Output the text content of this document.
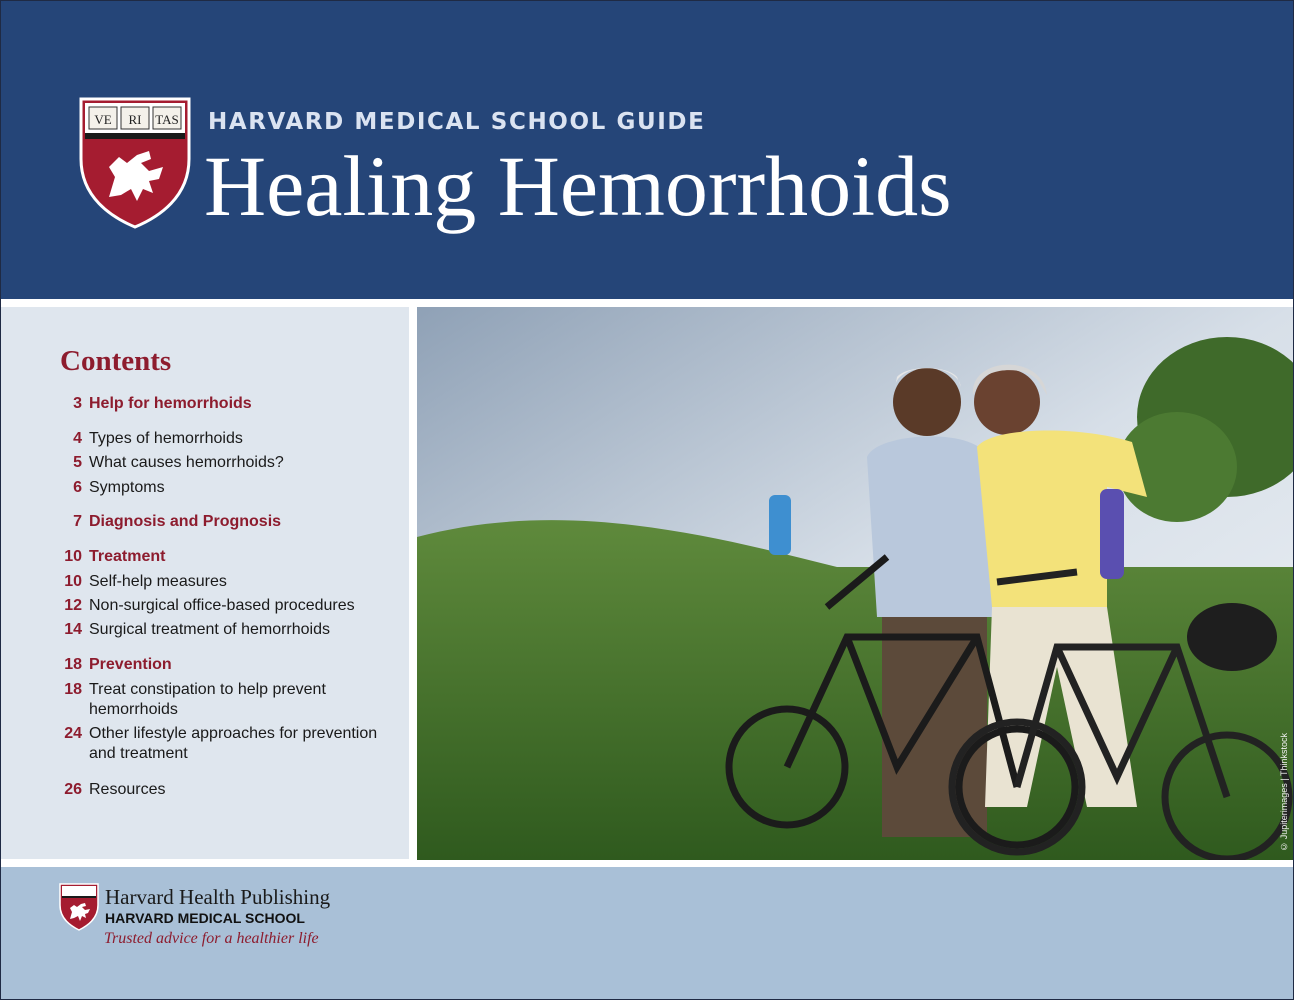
VE RI TAS HARVARD MEDICAL SCHOOL GUIDE
Healing Hemorrhoids
Contents
3 Help for hemorrhoids
4 Types of hemorrhoids
5 What causes hemorrhoids?
6 Symptoms
7 Diagnosis and Prognosis
10 Treatment
10 Self-help measures
12 Non-surgical office-based procedures
14 Surgical treatment of hemorrhoids
18 Prevention
18 Treat constipation to help prevent hemorrhoids
24 Other lifestyle approaches for prevention and treatment
26 Resources	© Jupiterimages | Thinkstock
Harvard Health Publishing
HARVARD MEDICAL SCHOOL
Trusted advice for a healthier life
